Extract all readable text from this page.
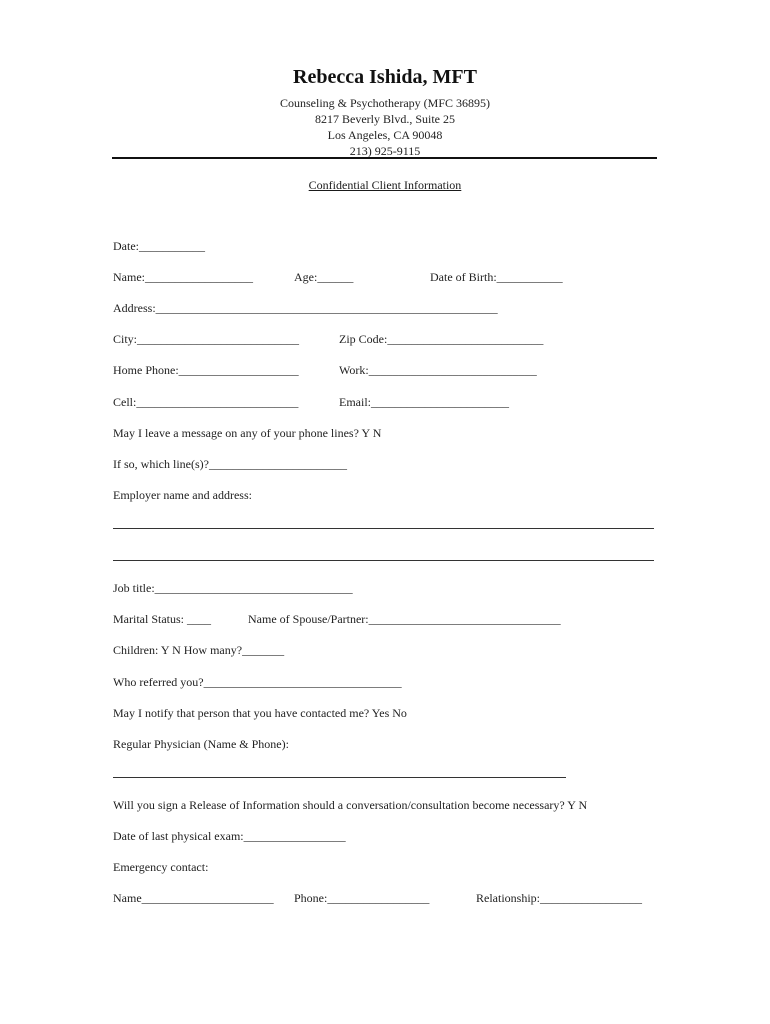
Rebecca Ishida, MFT
Counseling & Psychotherapy (MFC 36895)
8217 Beverly Blvd., Suite 25
Los Angeles, CA 90048
213) 925-9115
Confidential Client Information
Date:___________
Name:__________________	Age:______	Date of Birth:___________
Address:_________________________________________________________
City:___________________________	Zip Code:__________________________
Home Phone:____________________	Work:____________________________
Cell:___________________________	Email:_______________________
May I leave a message on any of your phone lines? Y N
If so, which line(s)?_______________________
Employer name and address:
Job title:_________________________________
Marital Status: ____	Name of Spouse/Partner:________________________________
Children: Y N How many?_______
Who referred you?_________________________________
May I notify that person that you have contacted me? Yes No
Regular Physician (Name & Phone):
Will you sign a Release of Information should a conversation/consultation become necessary? Y N
Date of last physical exam:_________________
Emergency contact:
Name______________________ Phone:_________________	Relationship:_________________
